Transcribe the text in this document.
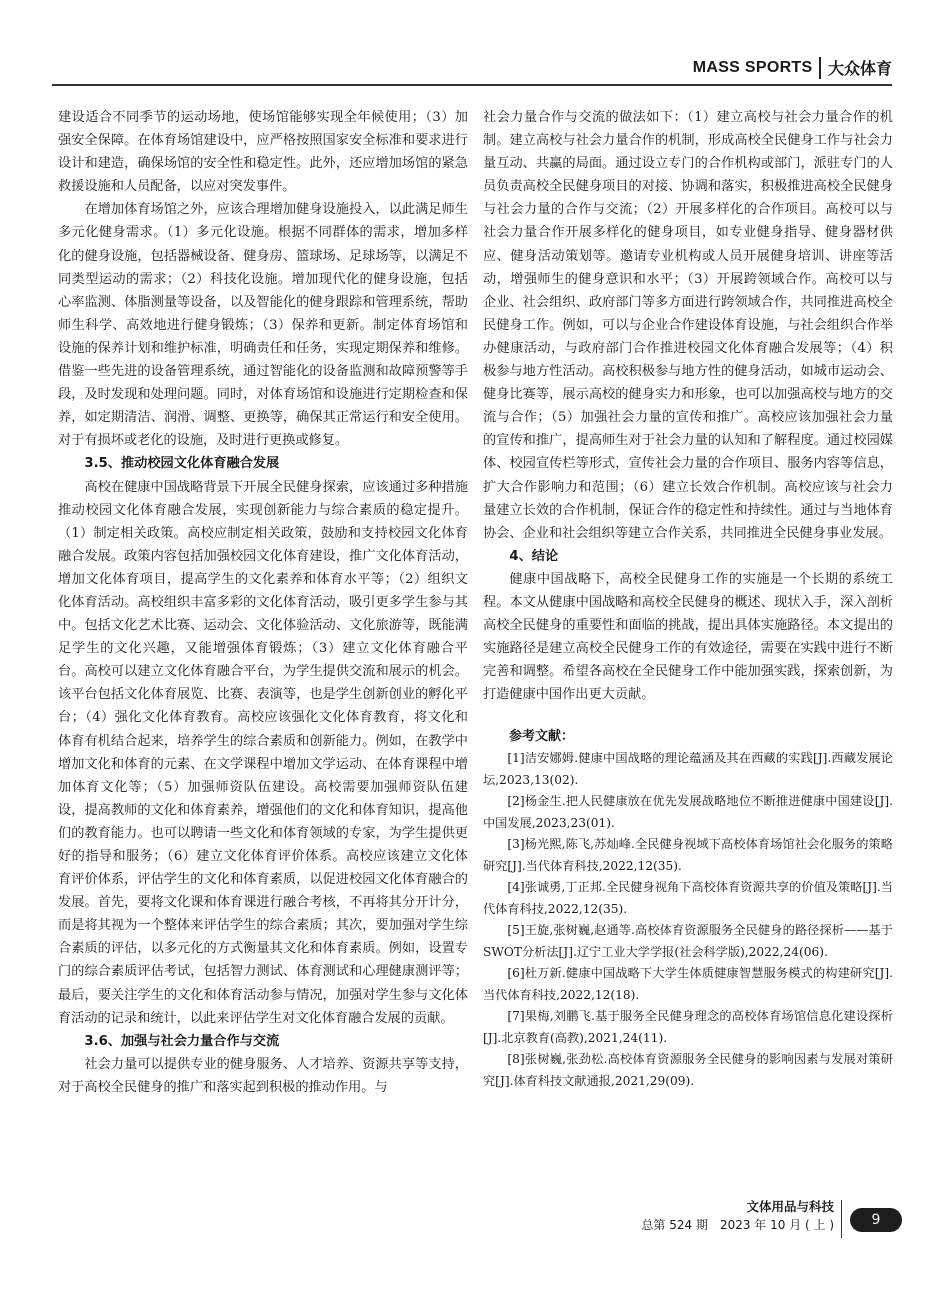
MASS SPORTS 大众体育

建设适合不同季节的运动场地，使场馆能够实现全年候使用；（3）加强安全保障。在体育场馆建设中，应严格按照国家安全标准和要求进行设计和建造，确保场馆的安全性和稳定性。此外，还应增加场馆的紧急救援设施和人员配备，以应对突发事件。

在增加体育场馆之外，应该合理增加健身设施投入，以此满足师生多元化健身需求。（1）多元化设施。根据不同群体的需求，增加多样化的健身设施，包括器械设备、健身房、篮球场、足球场等，以满足不同类型运动的需求；（2）科技化设施。增加现代化的健身设施，包括心率监测、体脂测量等设备，以及智能化的健身跟踪和管理系统，帮助师生科学、高效地进行健身锻炼；（3）保养和更新。制定体育场馆和设施的保养计划和维护标准，明确责任和任务，实现定期保养和维修。借鉴一些先进的设备管理系统，通过智能化的设备监测和故障预警等手段，及时发现和处理问题。同时，对体育场馆和设施进行定期检查和保养，如定期清洁、润滑、调整、更换等，确保其正常运行和安全使用。对于有损坏或老化的设施，及时进行更换或修复。

3.5、推动校园文化体育融合发展

高校在健康中国战略背景下开展全民健身探索，应该通过多种措施推动校园文化体育融合发展，实现创新能力与综合素质的稳定提升。（1）制定相关政策。高校应制定相关政策，鼓励和支持校园文化体育融合发展。政策内容包括加强校园文化体育建设，推广文化体育活动，增加文化体育项目，提高学生的文化素养和体育水平等；（2）组织文化体育活动。高校组织丰富多彩的文化体育活动，吸引更多学生参与其中。包括文化艺术比赛、运动会、文化体验活动、文化旅游等，既能满足学生的文化兴趣，又能增强体育锻炼；（3）建立文化体育融合平台。高校可以建立文化体育融合平台，为学生提供交流和展示的机会。该平台包括文化体育展览、比赛、表演等，也是学生创新创业的孵化平台；（4）强化文化体育教育。高校应该强化文化体育教育，将文化和体育有机结合起来，培养学生的综合素质和创新能力。例如，在教学中增加文化和体育的元素、在文学课程中增加文学运动、在体育课程中增加体育文化等；（5）加强师资队伍建设。高校需要加强师资队伍建设，提高教师的文化和体育素养，增强他们的文化和体育知识，提高他们的教育能力。也可以聘请一些文化和体育领域的专家，为学生提供更好的指导和服务；（6）建立文化体育评价体系。高校应该建立文化体育评价体系，评估学生的文化和体育素质，以促进校园文化体育融合的发展。首先，要将文化课和体育课进行融合考核，不再将其分开计分，而是将其视为一个整体来评估学生的综合素质；其次，要加强对学生综合素质的评估，以多元化的方式衡量其文化和体育素质。例如，设置专门的综合素质评估考试，包括智力测试、体育测试和心理健康测评等；最后，要关注学生的文化和体育活动参与情况，加强对学生参与文化体育活动的记录和统计，以此来评估学生对文化体育融合发展的贡献。

3.6、加强与社会力量合作与交流

社会力量可以提供专业的健身服务、人才培养、资源共享等支持，对于高校全民健身的推广和落实起到积极的推动作用。与

社会力量合作与交流的做法如下：（1）建立高校与社会力量合作的机制。建立高校与社会力量合作的机制，形成高校全民健身工作与社会力量互动、共赢的局面。通过设立专门的合作机构或部门，派驻专门的人员负责高校全民健身项目的对接、协调和落实，积极推进高校全民健身与社会力量的合作与交流；（2）开展多样化的合作项目。高校可以与社会力量合作开展多样化的健身项目，如专业健身指导、健身器材供应、健身活动策划等。邀请专业机构或人员开展健身培训、讲座等活动，增强师生的健身意识和水平；（3）开展跨领域合作。高校可以与企业、社会组织、政府部门等多方面进行跨领域合作，共同推进高校全民健身工作。例如，可以与企业合作建设体育设施，与社会组织合作举办健康活动，与政府部门合作推进校园文化体育融合发展等；（4）积极参与地方性活动。高校积极参与地方性的健身活动，如城市运动会、健身比赛等，展示高校的健身实力和形象，也可以加强高校与地方的交流与合作；（5）加强社会力量的宣传和推广。高校应该加强社会力量的宣传和推广，提高师生对于社会力量的认知和了解程度。通过校园媒体、校园宣传栏等形式，宣传社会力量的合作项目、服务内容等信息，扩大合作影响力和范围；（6）建立长效合作机制。高校应该与社会力量建立长效的合作机制，保证合作的稳定性和持续性。通过与当地体育协会、企业和社会组织等建立合作关系，共同推进全民健身事业发展。

4、结论

健康中国战略下，高校全民健身工作的实施是一个长期的系统工程。本文从健康中国战略和高校全民健身的概述、现状入手，深入剖析高校全民健身的重要性和面临的挑战，提出具体实施路径。本文提出的实施路径是建立高校全民健身工作的有效途径，需要在实践中进行不断完善和调整。希望各高校在全民健身工作中能加强实践，探索创新，为打造健康中国作出更大贡献。

参考文献：

[1]洁安娜姆.健康中国战略的理论蕴涵及其在西藏的实践[J].西藏发展论坛,2023,13(02).

[2]杨金生.把人民健康放在优先发展战略地位不断推进健康中国建设[J].中国发展,2023,23(01).

[3]杨光熙,陈飞,苏灿峰.全民健身视域下高校体育场馆社会化服务的策略研究[J].当代体育科技,2022,12(35).

[4]张诚勇,丁正邦.全民健身视角下高校体育资源共享的价值及策略[J].当代体育科技,2022,12(35).

[5]王旋,张树巍,赵通等.高校体育资源服务全民健身的路径探析——基于SWOT分析法[J].辽宁工业大学学报(社会科学版),2022,24(06).

[6]杜万新.健康中国战略下大学生体质健康智慧服务模式的构建研究[J].当代体育科技,2022,12(18).

[7]果梅,刘鹏飞.基于服务全民健身理念的高校体育场馆信息化建设探析[J].北京教育(高教),2021,24(11).

[8]张树巍,张劲松.高校体育资源服务全民健身的影响因素与发展对策研究[J].体育科技文献通报,2021,29(09).

文体用品与科技
总第 524 期　2023 年 10 月 ( 上 )	9
